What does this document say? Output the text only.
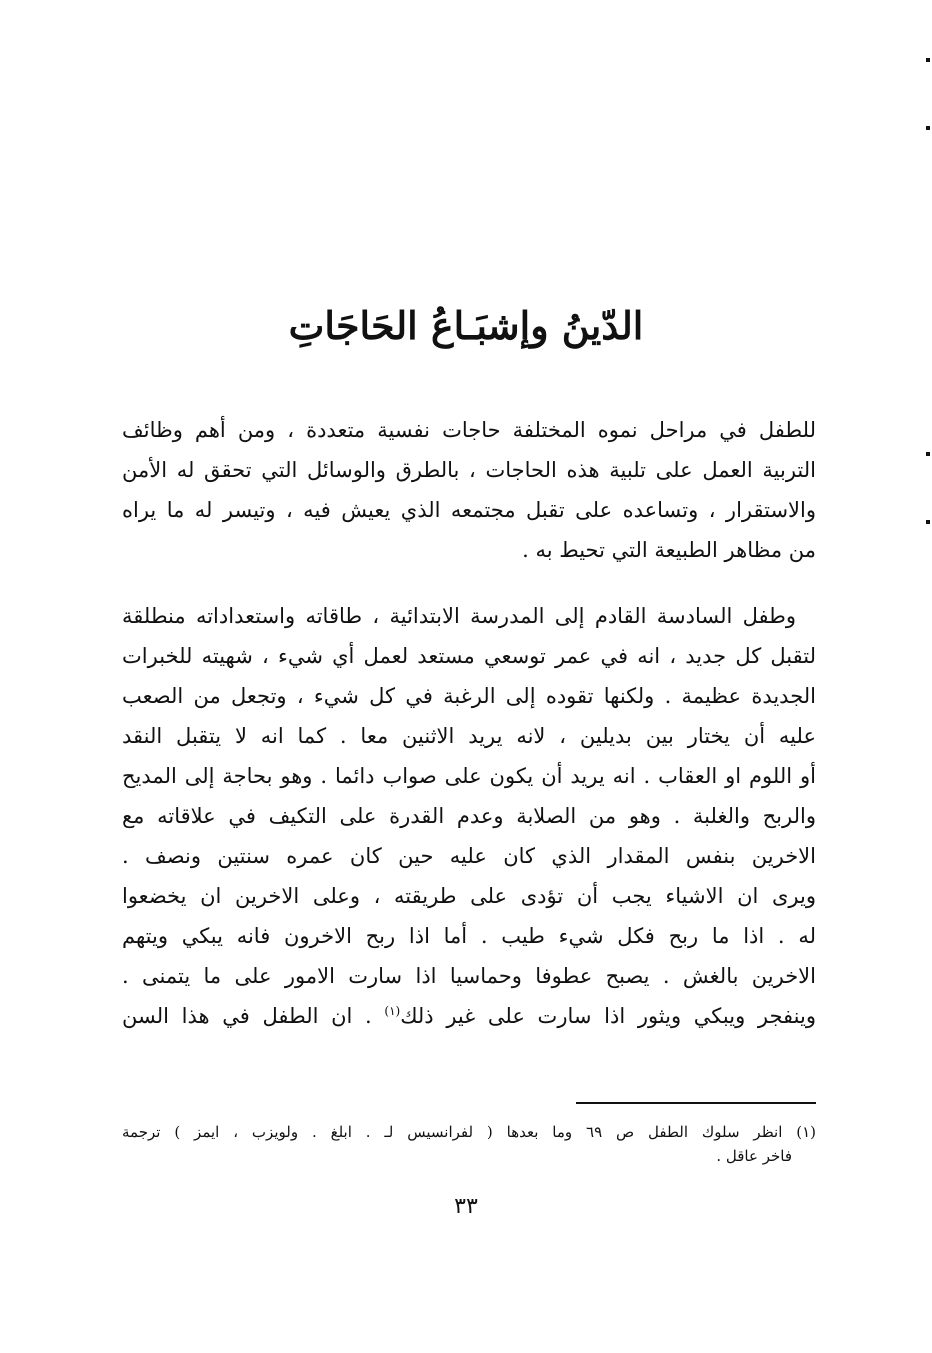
الدّينُ وإشبَـاعُ الحَاجَاتِ
للطفل في مراحل نموه المختلفة حاجات نفسية متعددة ، ومن أهم وظائف
التربية العمل على تلبية هذه الحاجات ، بالطرق والوسائل التي تحقق له الأمن
والاستقرار ، وتساعده على تقبل مجتمعه الذي يعيش فيه ، وتيسر له ما يراه
من مظاهر الطبيعة التي تحيط به .
وطفل السادسة القادم إلى المدرسة الابتدائية ، طاقاته واستعداداته منطلقة
لتقبل كل جديد ، انه في عمر توسعي مستعد لعمل أي شيء ، شهيته للخبرات
الجديدة عظيمة . ولكنها تقوده إلى الرغبة في كل شيء ، وتجعل من الصعب
عليه أن يختار بين بديلين ، لانه يريد الاثنين معا . كما انه لا يتقبل النقد
أو اللوم او العقاب . انه يريد أن يكون على صواب دائما . وهو بحاجة إلى المديح
والربح والغلبة . وهو من الصلابة وعدم القدرة على التكيف في علاقاته مع
الاخرين بنفس المقدار الذي كان عليه حين كان عمره سنتين ونصف .
ويرى ان الاشياء يجب أن تؤدى على طريقته ، وعلى الاخرين ان يخضعوا
له . اذا ما ربح فكل شيء طيب . أما اذا ربح الاخرون فانه يبكي ويتهم
الاخرين بالغش . يصبح عطوفا وحماسيا اذا سارت الامور على ما يتمنى .
وينفجر ويبكي ويثور اذا سارت على غير ذلك$^{(١)}$ . ان الطفل في هذا السن
(١) انظر سلوك الطفل ص ٦٩ وما بعدها ( لفرانسيس لـ . ابلغ . ولويزب ، ايمز ) ترجمة
فاخر عاقل .
٣٣
